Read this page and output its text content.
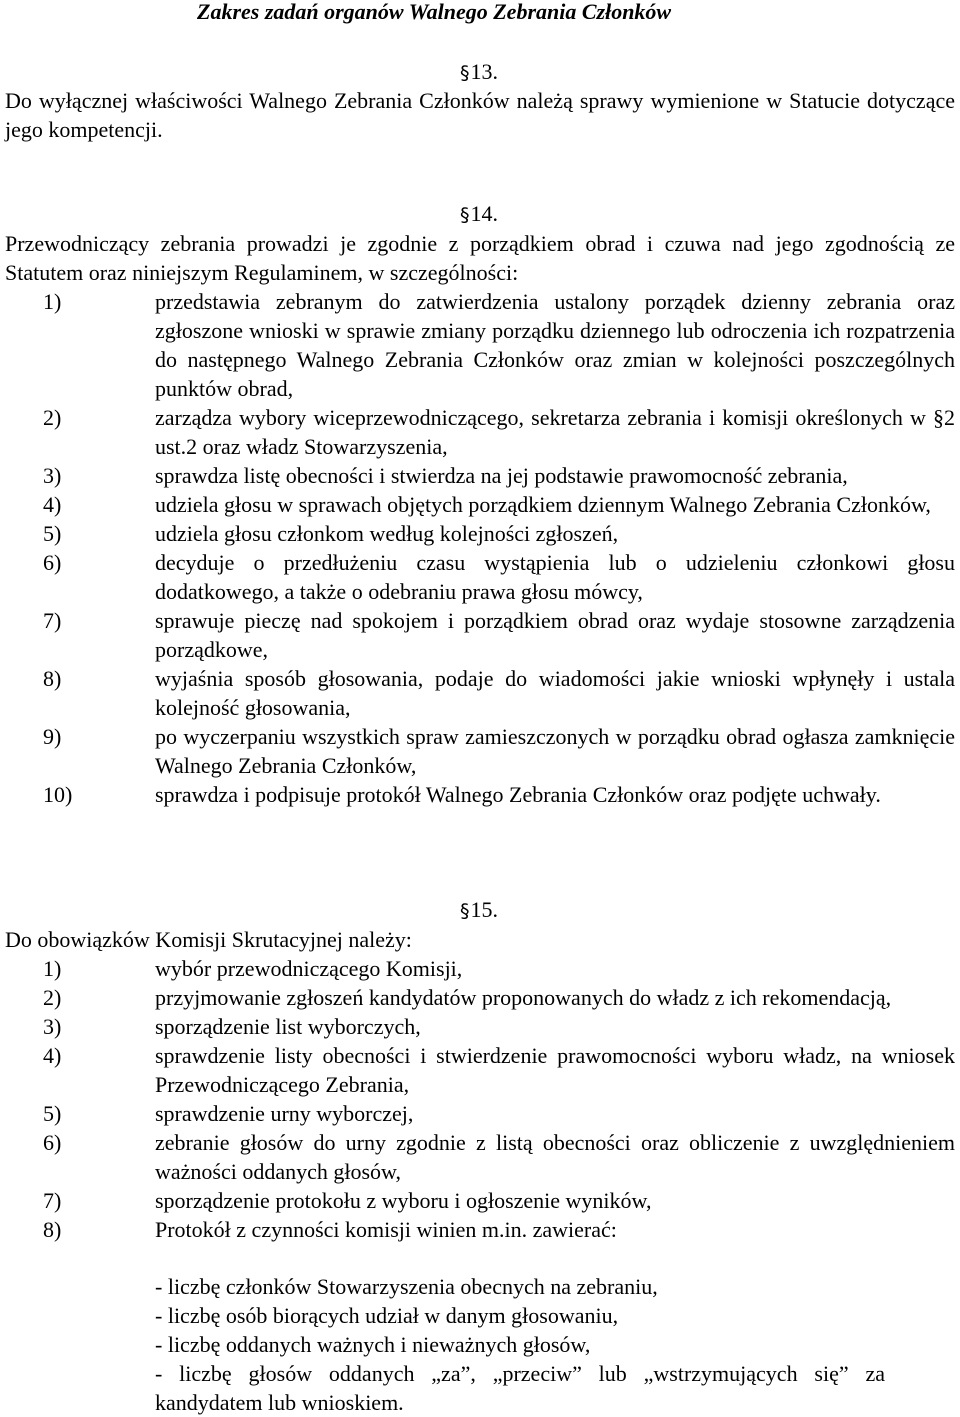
Zakres zadań organów Walnego Zebrania Członków
§13.
Do wyłącznej właściwości Walnego Zebrania Członków należą sprawy wymienione w Statucie dotyczące jego kompetencji.
§14.
Przewodniczący zebrania prowadzi je zgodnie z porządkiem obrad i czuwa nad jego zgodnością ze Statutem oraz niniejszym Regulaminem, w szczególności:
1)	przedstawia zebranym do zatwierdzenia ustalony porządek dzienny zebrania oraz zgłoszone wnioski w sprawie zmiany porządku dziennego lub odroczenia ich rozpatrzenia do następnego Walnego Zebrania Członków oraz zmian w kolejności poszczególnych punktów obrad,
2)	zarządza wybory wiceprzewodniczącego, sekretarza zebrania i komisji określonych w §2 ust.2 oraz władz Stowarzyszenia,
3)	sprawdza listę obecności i stwierdza na jej podstawie prawomocność zebrania,
4)	udziela głosu w sprawach objętych porządkiem dziennym Walnego Zebrania Członków,
5)	udziela głosu członkom według kolejności zgłoszeń,
6)	decyduje o przedłużeniu czasu wystąpienia lub o udzieleniu członkowi głosu dodatkowego, a także o odebraniu prawa głosu mówcy,
7)	sprawuje pieczę nad spokojem i porządkiem obrad oraz wydaje stosowne zarządzenia porządkowe,
8)	wyjaśnia sposób głosowania, podaje do wiadomości jakie wnioski wpłynęły i ustala kolejność głosowania,
9)	po wyczerpaniu wszystkich spraw zamieszczonych w porządku obrad ogłasza zamknięcie Walnego Zebrania Członków,
10)	sprawdza i podpisuje protokół Walnego Zebrania Członków oraz podjęte uchwały.
§15.
Do obowiązków Komisji Skrutacyjnej należy:
1)	wybór przewodniczącego Komisji,
2)	przyjmowanie zgłoszeń kandydatów proponowanych do władz z ich rekomendacją,
3)	sporządzenie list wyborczych,
4)	sprawdzenie listy obecności i stwierdzenie prawomocności wyboru władz, na wniosek Przewodniczącego Zebrania,
5)	sprawdzenie urny wyborczej,
6)	zebranie głosów do urny zgodnie z listą obecności oraz obliczenie z uwzględnieniem ważności oddanych głosów,
7)	sporządzenie protokołu z wyboru i ogłoszenie wyników,
8)	Protokół z czynności komisji winien m.in. zawierać:
- liczbę członków Stowarzyszenia obecnych na zebraniu,
- liczbę osób biorących udział w danym głosowaniu,
- liczbę oddanych ważnych i nieważnych głosów,
- liczbę głosów oddanych „za”, „przeciw” lub „wstrzymujących się” za kandydatem lub wnioskiem.
